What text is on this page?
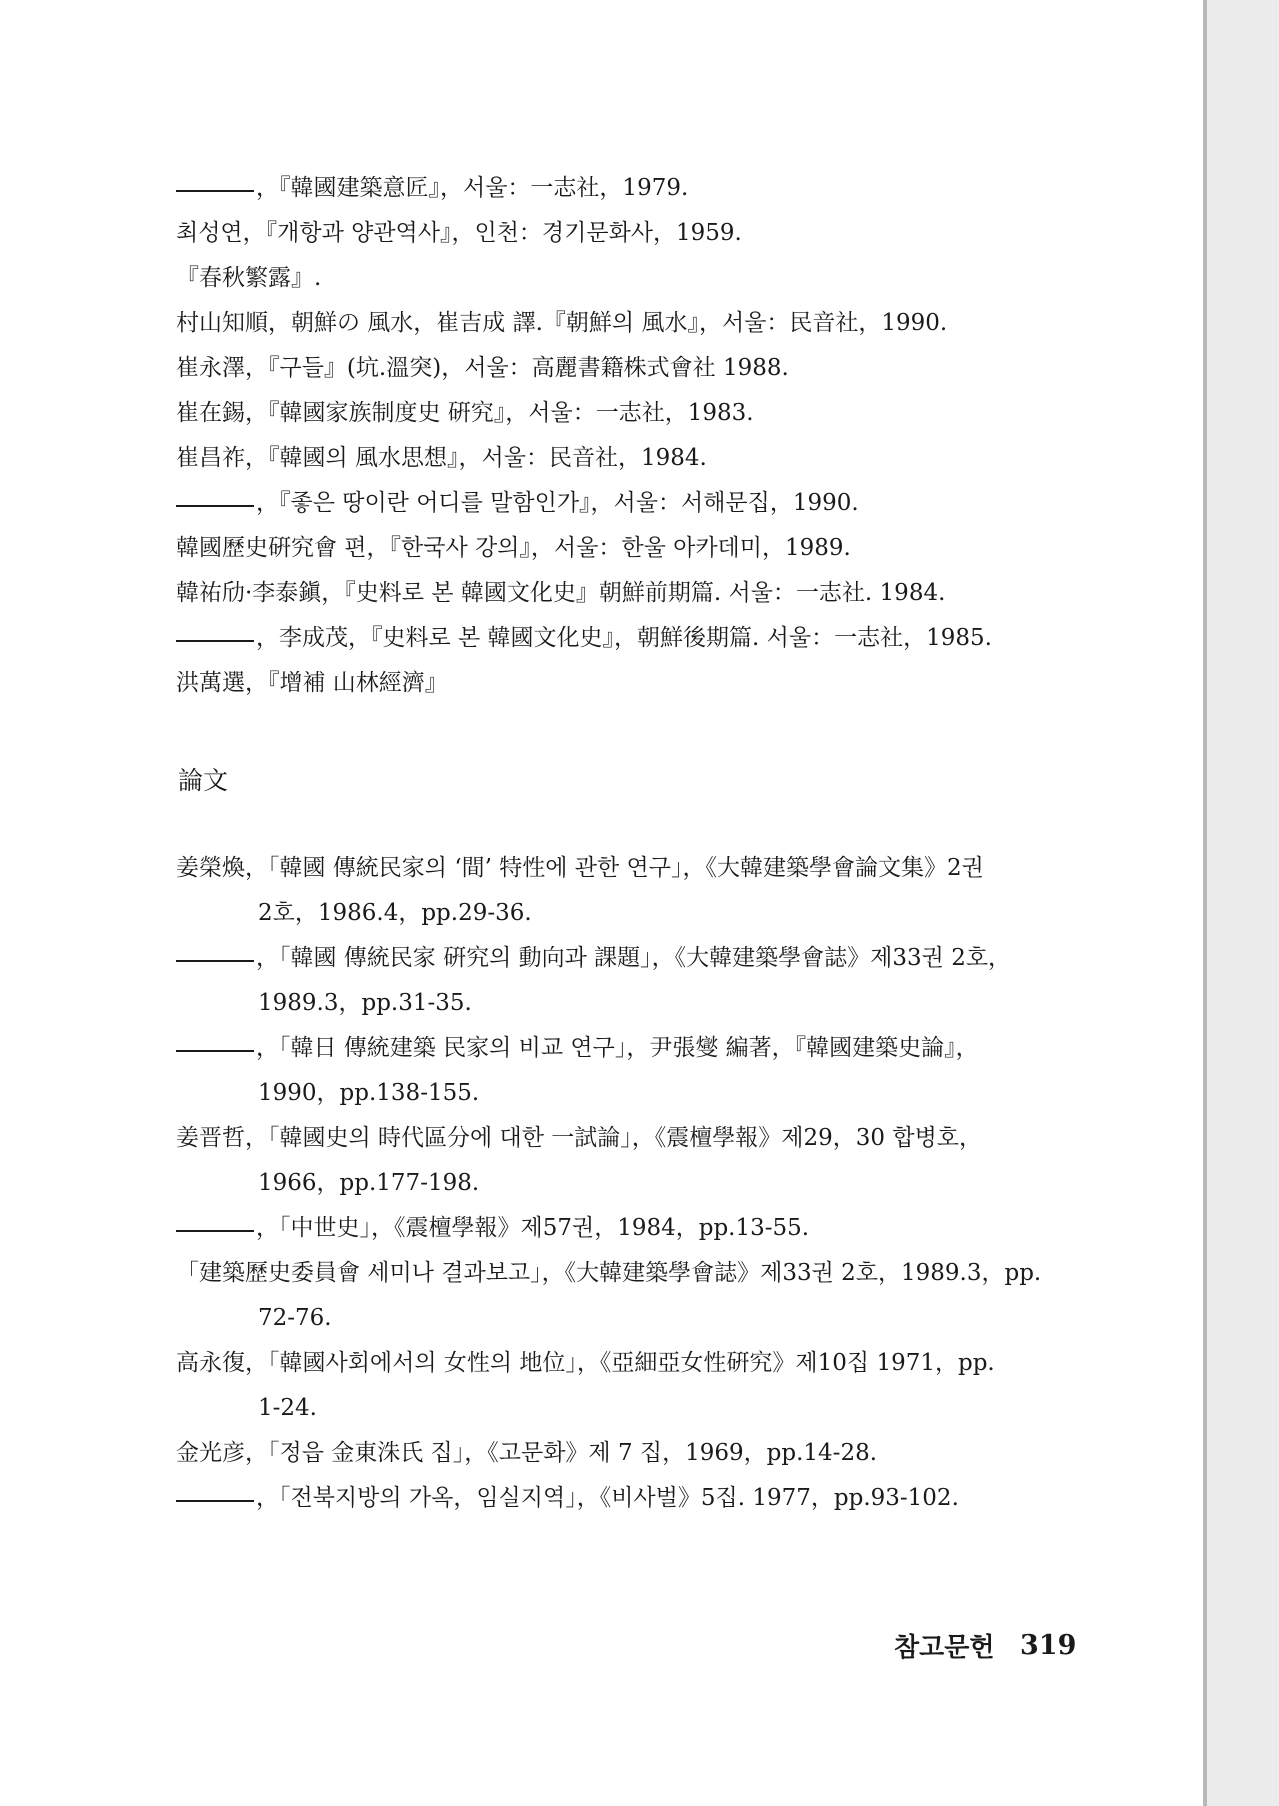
，『韓國建築意匠』，서울：一志社，1979.
최성연，『개항과 양관역사』，인천：경기문화사，1959.
『春秋繁露』.
村山知順，朝鮮の 風水，崔吉成 譯.『朝鮮의 風水』，서울：民音社，1990.
崔永澤，『구들』(坑.溫突)，서울：高麗書籍株式會社 1988.
崔在錫，『韓國家族制度史 硏究』，서울：一志社，1983.
崔昌祚，『韓國의 風水思想』，서울：民音社，1984.
，『좋은 땅이란 어디를 말함인가』，서울：서해문집，1990.
韓國歷史硏究會 편，『한국사 강의』，서울：한울 아카데미，1989.
韓祐劤·李泰鎭，『史料로 본 韓國文化史』朝鮮前期篇. 서울：一志社. 1984.
，李成茂，『史料로 본 韓國文化史』，朝鮮後期篇. 서울：一志社，1985.
洪萬選，『增補 山林經濟』
論文
姜榮煥，「韓國 傳統民家의 ‘間’ 特性에 관한 연구」，《大韓建築學會論文集》2권
2호，1986.4，pp.29-36.
，「韓國 傳統民家 硏究의 動向과 課題」，《大韓建築學會誌》제33권 2호，
1989.3，pp.31-35.
，「韓日 傳統建築 民家의 비교 연구」，尹張燮 編著，『韓國建築史論』，
1990，pp.138-155.
姜晋哲，「韓國史의 時代區分에 대한 一試論」，《震檀學報》제29，30 합병호，
1966，pp.177-198.
，「中世史」，《震檀學報》제57권，1984，pp.13-55.
「建築歷史委員會 세미나 결과보고」，《大韓建築學會誌》제33권 2호，1989.3，pp.
72-76.
高永復，「韓國사회에서의 女性의 地位」，《亞細亞女性硏究》제10집 1971，pp.
1-24.
金光彦，「정읍 金東洙氏 집」，《고문화》제 7 집，1969，pp.14-28.
，「전북지방의 가옥，임실지역」，《비사벌》5집. 1977，pp.93-102.
참고문헌 319
